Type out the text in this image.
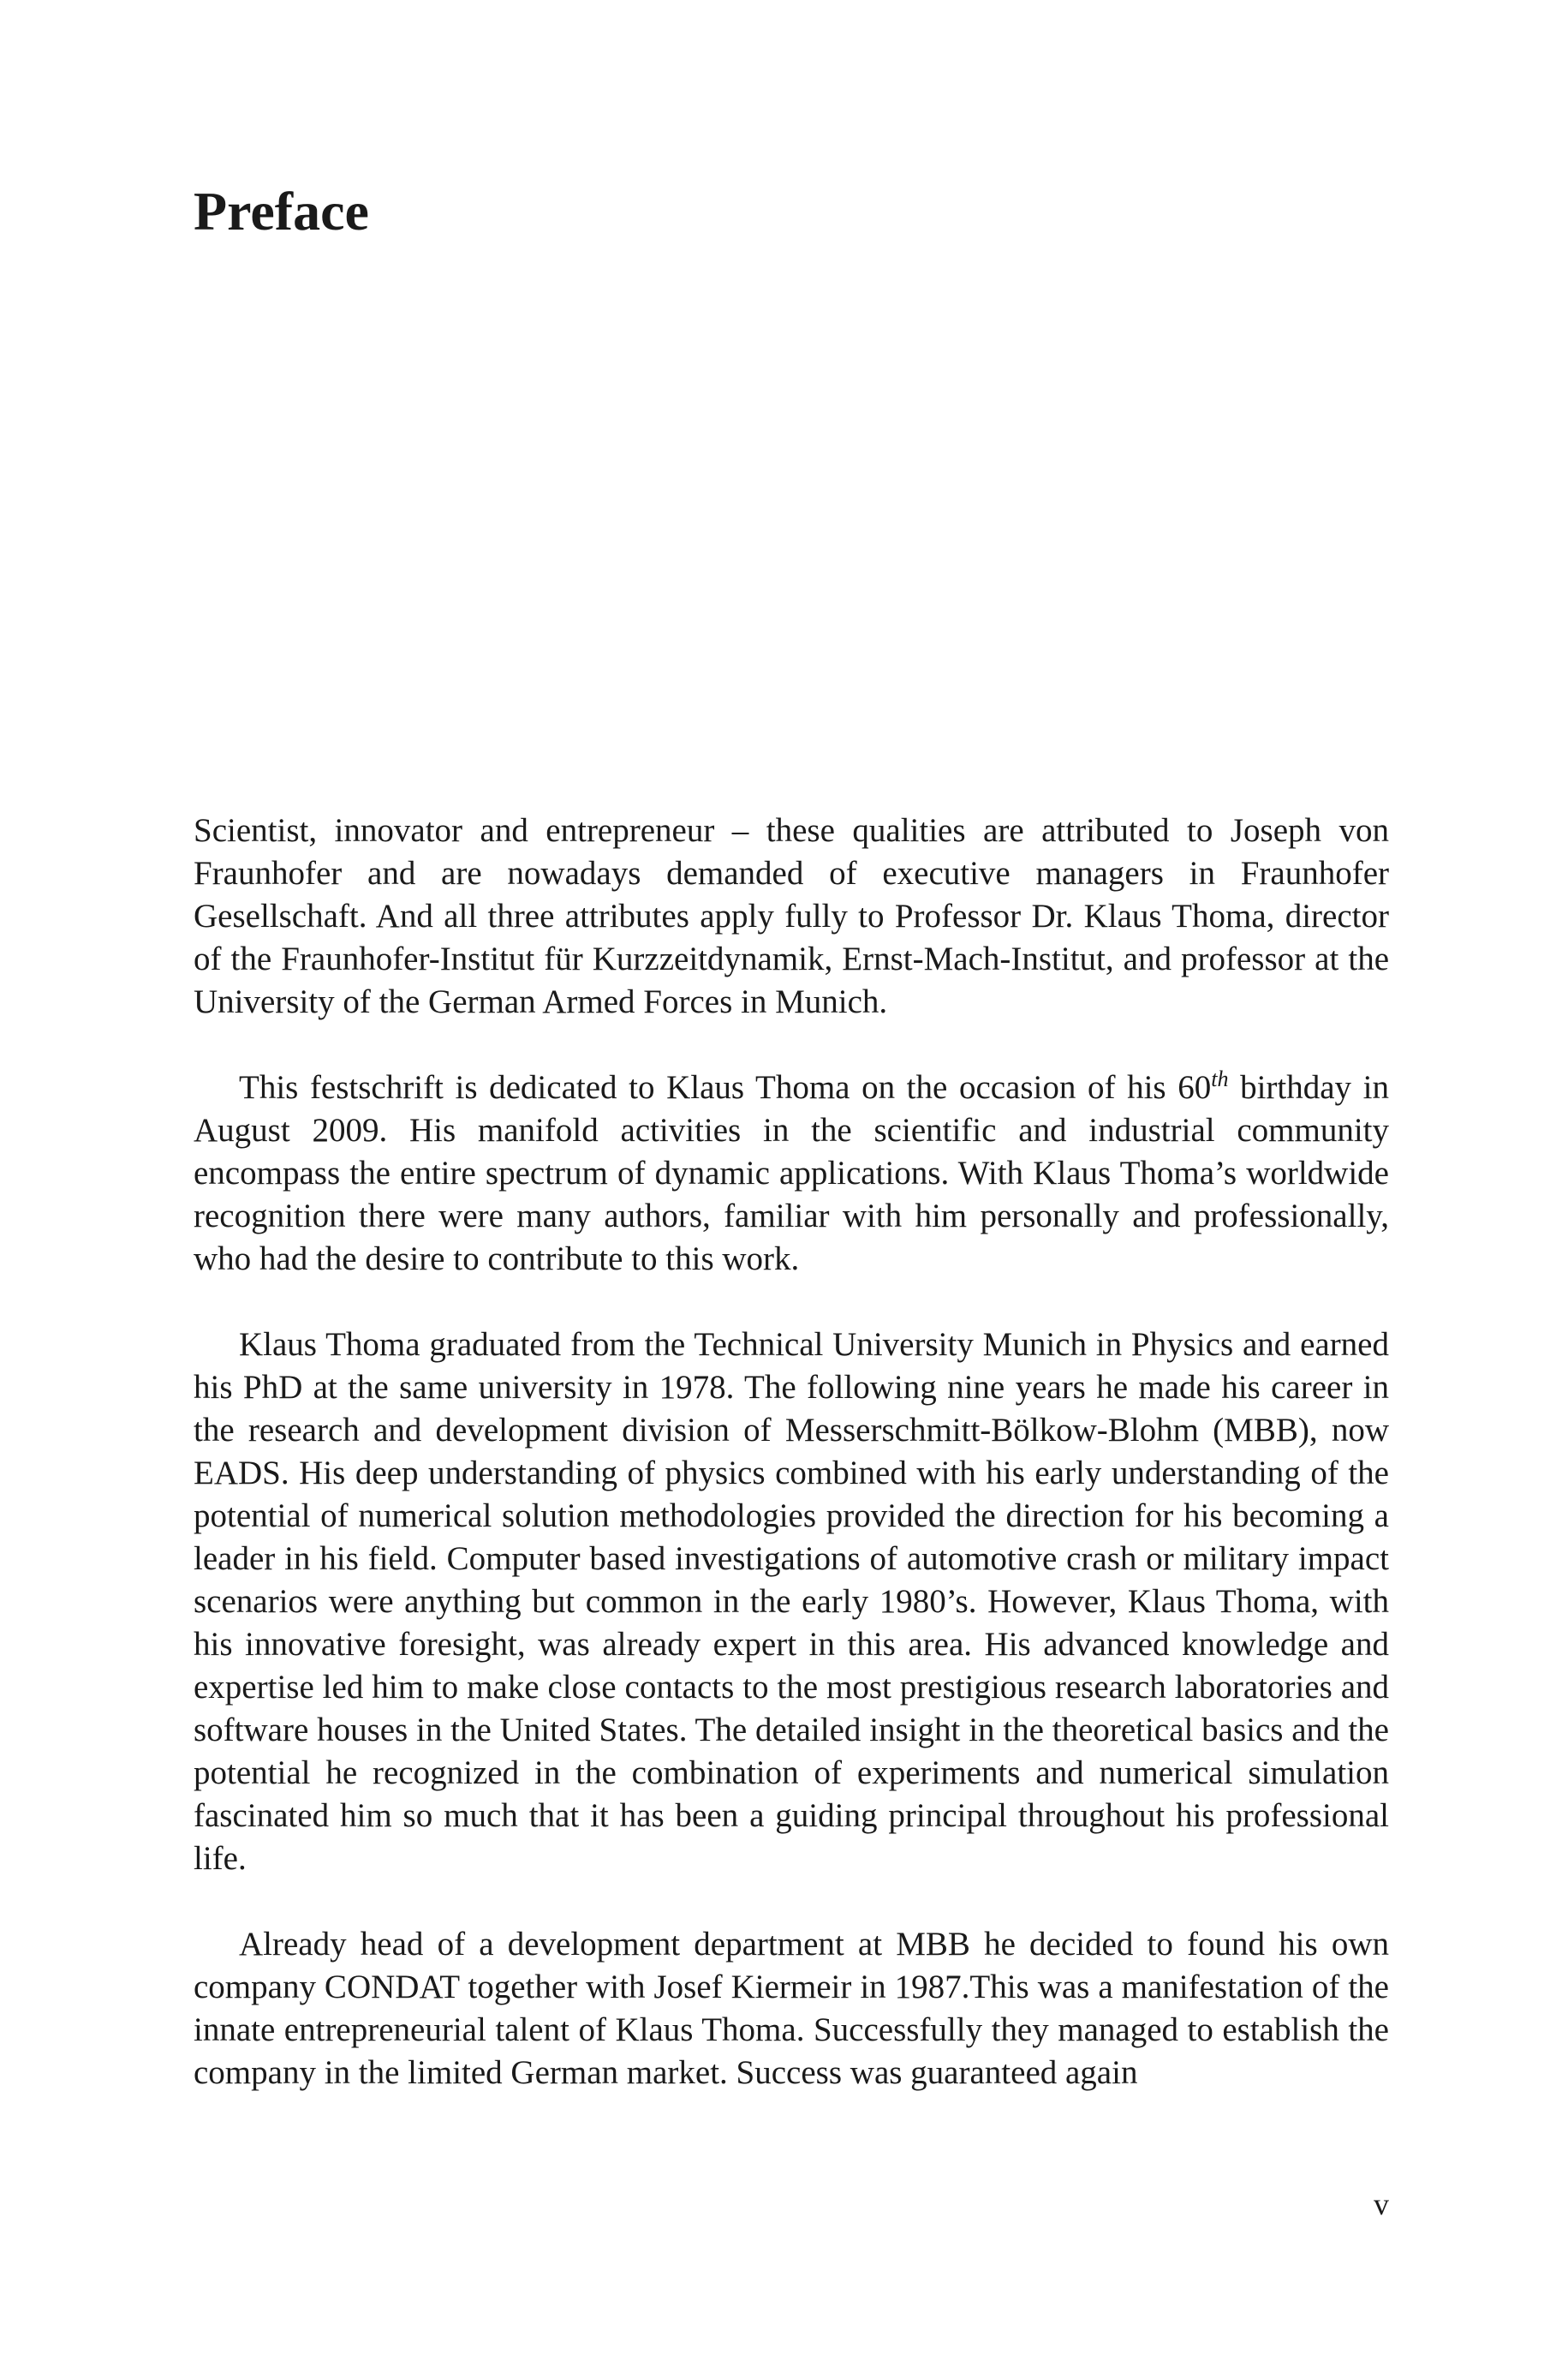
Preface

Scientist, innovator and entrepreneur – these qualities are attributed to Joseph von Fraunhofer and are nowadays demanded of executive managers in Fraunhofer Gesellschaft. And all three attributes apply fully to Professor Dr. Klaus Thoma, director of the Fraunhofer-Institut für Kurzzeitdynamik, Ernst-Mach-Institut, and professor at the University of the German Armed Forces in Munich.

This festschrift is dedicated to Klaus Thoma on the occasion of his 60th birthday in August 2009. His manifold activities in the scientific and industrial community encompass the entire spectrum of dynamic applications. With Klaus Thoma’s worldwide recognition there were many authors, familiar with him personally and professionally, who had the desire to contribute to this work.

Klaus Thoma graduated from the Technical University Munich in Physics and earned his PhD at the same university in 1978. The following nine years he made his career in the research and development division of Messerschmitt-Bölkow-Blohm (MBB), now EADS. His deep understanding of physics combined with his early understanding of the potential of numerical solution methodologies provided the direction for his becoming a leader in his field. Computer based investigations of automotive crash or military impact scenarios were anything but common in the early 1980’s. However, Klaus Thoma, with his innovative foresight, was already expert in this area. His advanced knowledge and expertise led him to make close contacts to the most prestigious research laboratories and software houses in the United States. The detailed insight in the theoretical basics and the potential he recognized in the combination of experiments and numerical simulation fascinated him so much that it has been a guiding principal throughout his professional life.

Already head of a development department at MBB he decided to found his own company CONDAT together with Josef Kiermeir in 1987.This was a manifestation of the innate entrepreneurial talent of Klaus Thoma. Successfully they managed to establish the company in the limited German market. Success was guaranteed again

v
